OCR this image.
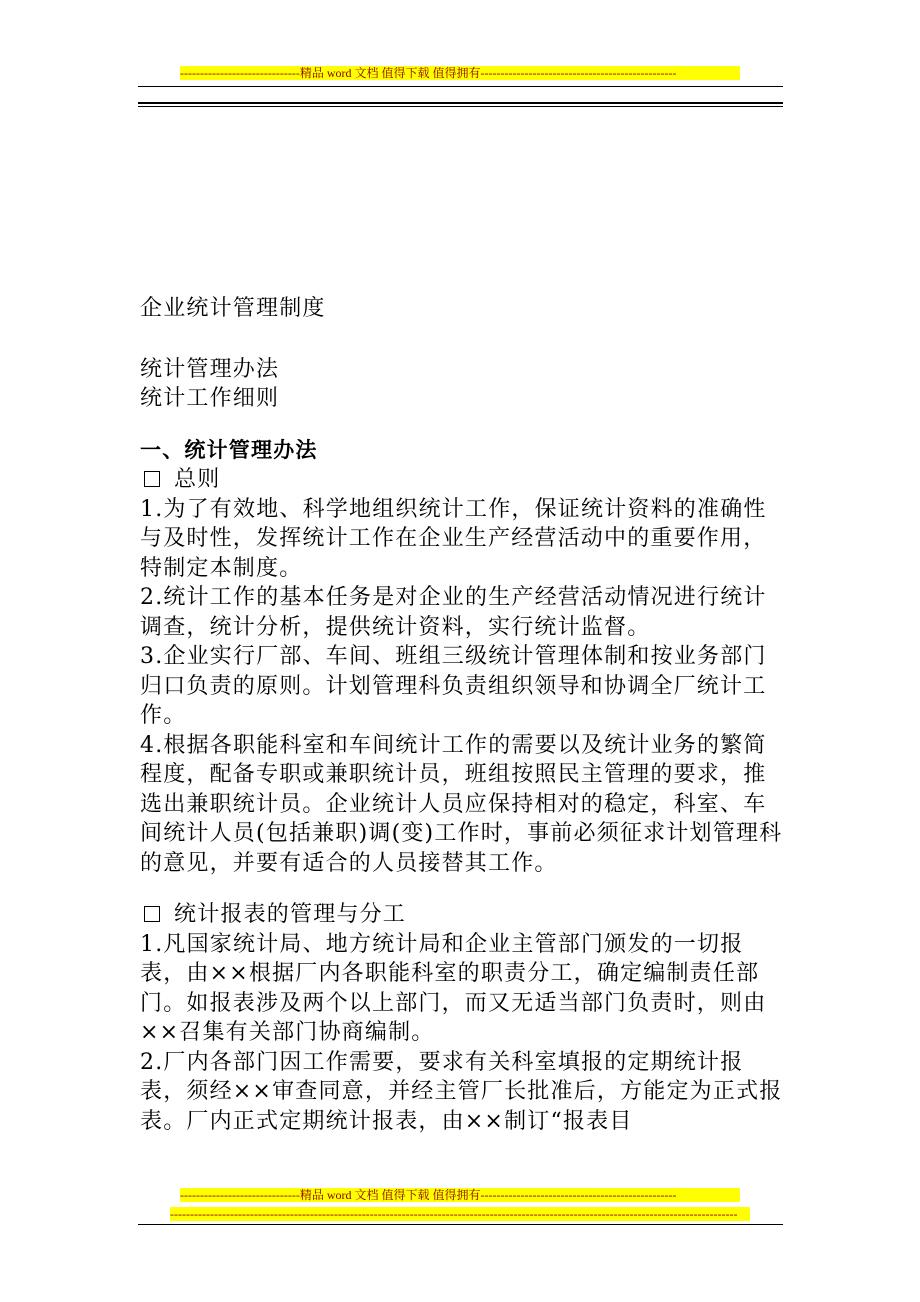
------------------------------精品 word 文档 值得下载 值得拥有-------------------------------------------------

企业统计管理制度

统计管理办法

统计工作细则

一、统计管理办法

总则

1.为了有效地、科学地组织统计工作，保证统计资料的准确性与及时性，发挥统计工作在企业生产经营活动中的重要作用，特制定本制度。

2.统计工作的基本任务是对企业的生产经营活动情况进行统计调查，统计分析，提供统计资料，实行统计监督。

3.企业实行厂部、车间、班组三级统计管理体制和按业务部门归口负责的原则。计划管理科负责组织领导和协调全厂统计工作。

4.根据各职能科室和车间统计工作的需要以及统计业务的繁简程度，配备专职或兼职统计员，班组按照民主管理的要求，推选出兼职统计员。企业统计人员应保持相对的稳定，科室、车间统计人员(包括兼职)调(变)工作时，事前必须征求计划管理科的意见，并要有适合的人员接替其工作。

统计报表的管理与分工

1.凡国家统计局、地方统计局和企业主管部门颁发的一切报表，由××根据厂内各职能科室的职责分工，确定编制责任部门。如报表涉及两个以上部门，而又无适当部门负责时，则由××召集有关部门协商编制。

2.厂内各部门因工作需要，要求有关科室填报的定期统计报表，须经××审查同意，并经主管厂长批准后，方能定为正式报表。厂内正式定期统计报表，由××制订“报表目

------------------------------精品 word 文档 值得下载 值得拥有-------------------------------------------------
----------------------------------------------------------------------------------------------------------------------------------------------
